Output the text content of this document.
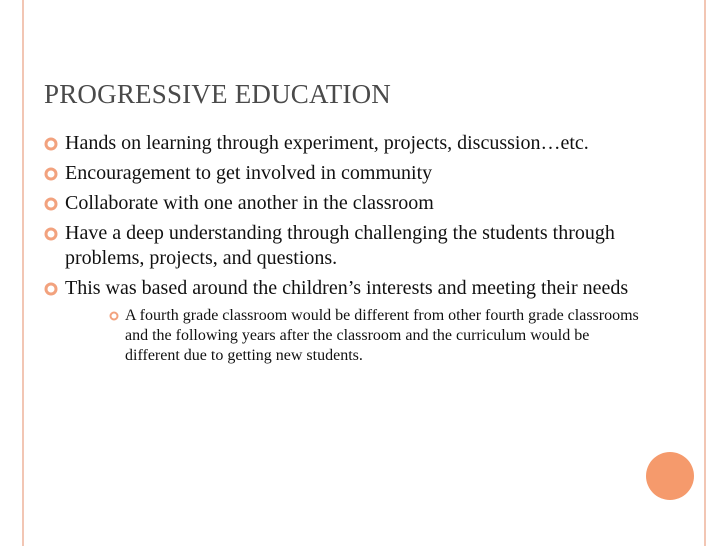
PROGRESSIVE EDUCATION
Hands on learning through experiment, projects, discussion…etc.
Encouragement to get involved in community
Collaborate with one another in the classroom
Have a deep understanding through challenging the students through problems, projects, and questions.
This was based around the children’s interests and meeting their needs
A fourth grade classroom would be different from other fourth grade classrooms and the following years after the classroom and the curriculum would be different due to getting new students.
